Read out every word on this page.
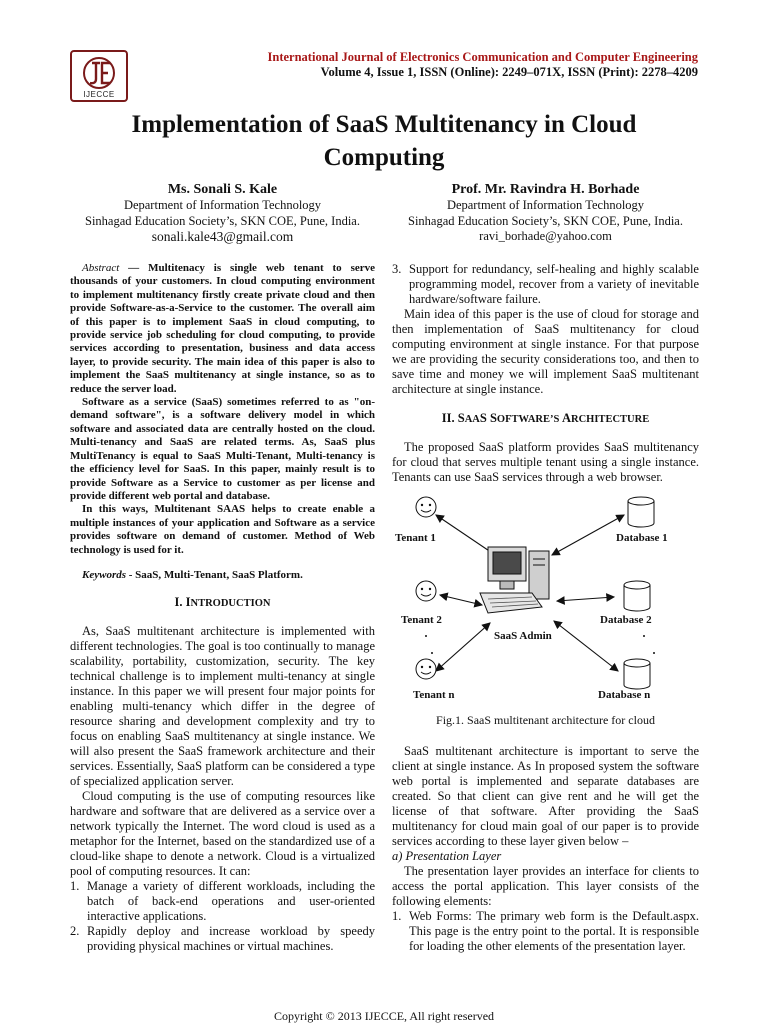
IJECCE
International Journal of Electronics Communication and Computer Engineering
Volume 4, Issue 1, ISSN (Online): 2249–071X, ISSN (Print): 2278–4209
Implementation of SaaS Multitenancy in Cloud
Computing
Ms. Sonali S. Kale
Department of Information Technology
Sinhagad Education Society’s, SKN COE, Pune, India.
sonali.kale43@gmail.com
Prof. Mr. Ravindra H. Borhade
Department of Information Technology
Sinhagad Education Society’s, SKN COE, Pune, India.
ravi_borhade@yahoo.com

Abstract — Multitenacy is single web tenant to serve thousands of your customers. In cloud computing environment to implement multitenancy firstly create private cloud and then provide Software-as-a-Service to the customer. The overall aim of this paper is to implement SaaS in cloud computing, to provide service job scheduling for cloud computing, to provide services according to presentation, business and data access layer, to provide security. The main idea of this paper is also to implement the SaaS multitenancy at single instance, so as to reduce the server load.

Software as a service (SaaS) sometimes referred to as "on-demand software", is a software delivery model in which software and associated data are centrally hosted on the cloud. Multi-tenancy and SaaS are related terms. As, SaaS plus MultiTenancy is equal to SaaS Multi-Tenant, Multi-tenancy is the efficiency level for SaaS. In this paper, mainly result is to provide Software as a Service to customer as per license and provide different web portal and database.

In this ways, Multitenant SAAS helps to create enable a multiple instances of your application and Software as a service provides software on demand of customer. Method of Web technology is used for it.

Keywords - SaaS, Multi-Tenant, SaaS Platform.
I. INTRODUCTION

As, SaaS multitenant architecture is implemented with different technologies. The goal is too continually to manage scalability, portability, customization, security. The key technical challenge is to implement multi-tenancy at single instance. In this paper we will present four major points for enabling multi-tenancy which differ in the degree of resource sharing and development complexity and try to focus on enabling SaaS multitenancy at single instance. We will also present the SaaS framework architecture and their services. Essentially, SaaS platform can be considered a type of specialized application server.

Cloud computing is the use of computing resources like hardware and software that are delivered as a service over a network typically the Internet. The word cloud is used as a metaphor for the Internet, based on the standardized use of a cloud-like shape to denote a network. Cloud is a virtualized pool of computing resources. It can:

1. Manage a variety of different workloads, including the batch of back-end operations and user-oriented interactive applications.
2. Rapidly deploy and increase workload by speedy providing physical machines or virtual machines.
3. Support for redundancy, self-healing and highly scalable programming model, recover from a variety of inevitable hardware/software failure.

Main idea of this paper is the use of cloud for storage and then implementation of SaaS multitenancy for cloud computing environment at single instance. For that purpose we are providing the security considerations too, and then to save time and money we will implement SaaS multitenant architecture at single instance.

II. SAAS SOFTWARE’S ARCHITECTURE

The proposed SaaS platform provides SaaS multitenancy for cloud that serves multiple tenant using a single instance. Tenants can use SaaS services through a web browser.

Tenant 1	Database 1
Tenant 2	Database 2
SaaS Admin
Tenant n	Database n
Fig.1. SaaS multitenant architecture for cloud

SaaS multitenant architecture is important to serve the client at single instance. As In proposed system the software web portal is implemented and separate databases are created. So that client can give rent and he will get the license of that software. After providing the SaaS multitenancy for cloud main goal of our paper is to provide services according to these layer given below –

a) Presentation Layer

The presentation layer provides an interface for clients to access the portal application. This layer consists of the following elements:

1. Web Forms: The primary web form is the Default.aspx. This page is the entry point to the portal. It is responsible for loading the other elements of the presentation layer.
Copyright © 2013 IJECCE, All right reserved
